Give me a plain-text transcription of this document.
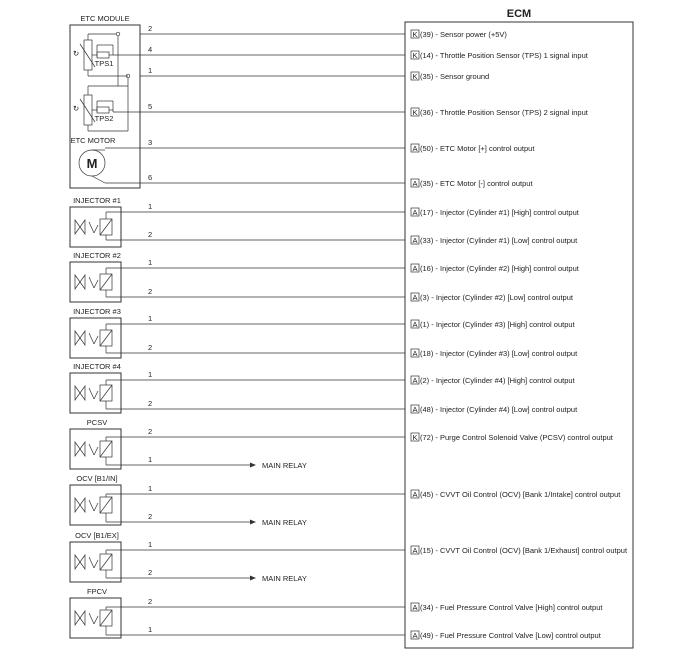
ECM
ETC MODULE
TPS1
↻
TPS2
↻
ETC MOTOR
M
2
K (39) - Sensor power (+5V)
4
K (14) - Throttle Position Sensor (TPS) 1 signal input
1
K (35) - Sensor ground
5
K (36) - Throttle Position Sensor (TPS) 2 signal input
3
A (50) - ETC Motor [+] control output
6
A (35) - ETC Motor [-] control output
1
A (17) - Injector (Cylinder #1) [High] control output
2
A (33) - Injector (Cylinder #1) [Low] control output
1
A (16) - Injector (Cylinder #2) [High] control output
2
A (3) - Injector (Cylinder #2) [Low] control output
1
A (1) - Injector (Cylinder #3) [High] control output
2
A (18) - Injector (Cylinder #3) [Low] control output
1
A (2) - Injector (Cylinder #4) [High] control output
2
A (48) - Injector (Cylinder #4) [Low] control output
2
K (72) - Purge Control Solenoid Valve (PCSV) control output
1
MAIN RELAY
1
A (45) - CVVT Oil Control (OCV) [Bank 1/Intake] control output
2
MAIN RELAY
1
A (15) - CVVT Oil Control (OCV) [Bank 1/Exhaust] control output
2
MAIN RELAY
2
A (34) - Fuel Pressure Control Valve [High] control output
1
A (49) - Fuel Pressure Control Valve [Low] control output
INJECTOR #1
INJECTOR #2
INJECTOR #3
INJECTOR #4
PCSV
OCV [B1/IN]
OCV [B1/EX]
FPCV
